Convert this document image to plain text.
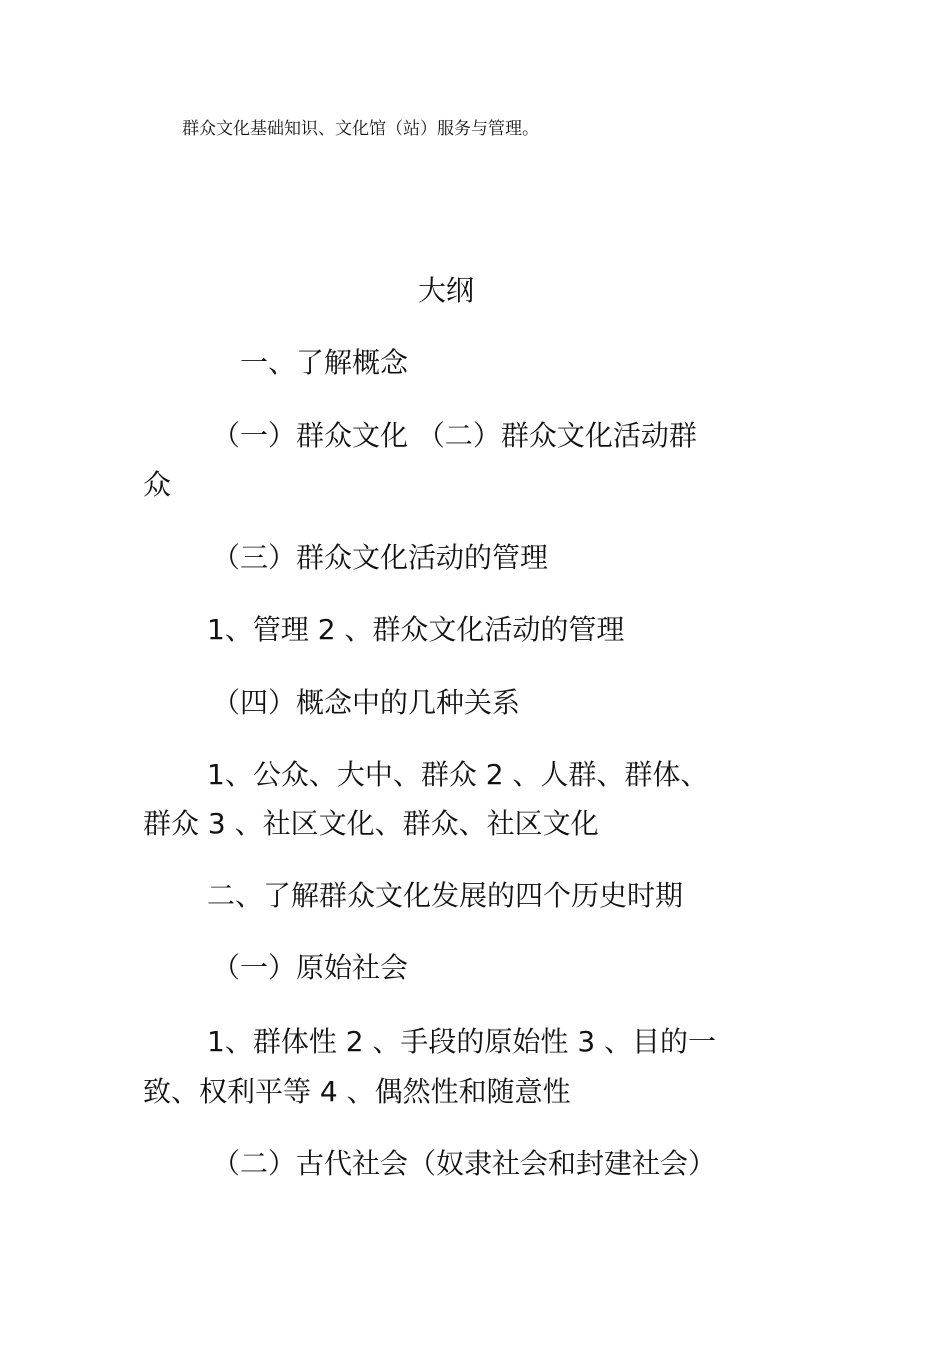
群众文化基础知识、文化馆（站）服务与管理。
大纲
一、了解概念
（一）群众文化 （二）群众文化活动群
众
（三）群众文化活动的管理
1、管理 2 、群众文化活动的管理
（四）概念中的几种关系
1、公众、大中、群众 2 、人群、群体、
群众 3 、社区文化、群众、社区文化
二、了解群众文化发展的四个历史时期
（一）原始社会
1、群体性 2 、手段的原始性 3 、目的一
致、权利平等 4 、偶然性和随意性
（二）古代社会（奴隶社会和封建社会）
